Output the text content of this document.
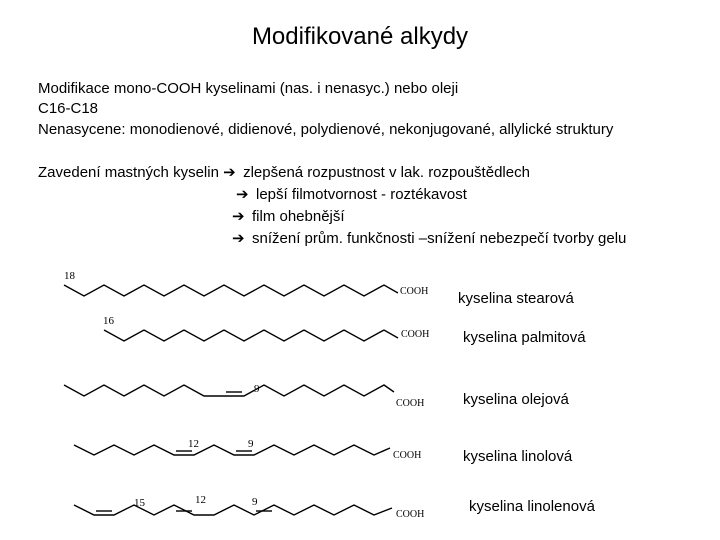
Modifikované alkydy
Modifikace mono-COOH kyselinami (nas. i nenasyc.) nebo oleji
C16-C18
Nenasycene: monodienové, didienové, polydienové, nekonjugované, allylické struktury
Zavedení mastných kyselin ➔ zlepšená rozpustnost v lak. rozpouštědlech
➔ lepší filmotvornost - roztékavost
➔ film ohebnější
➔ snížení prům. funkčnosti –snížení nebezpečí tvorby gelu
18
COOH
16
COOH
9
COOH
12	9
COOH
15	12	9
COOH
kyselina stearová
kyselina palmitová
kyselina olejová
kyselina linolová
kyselina linolenová
